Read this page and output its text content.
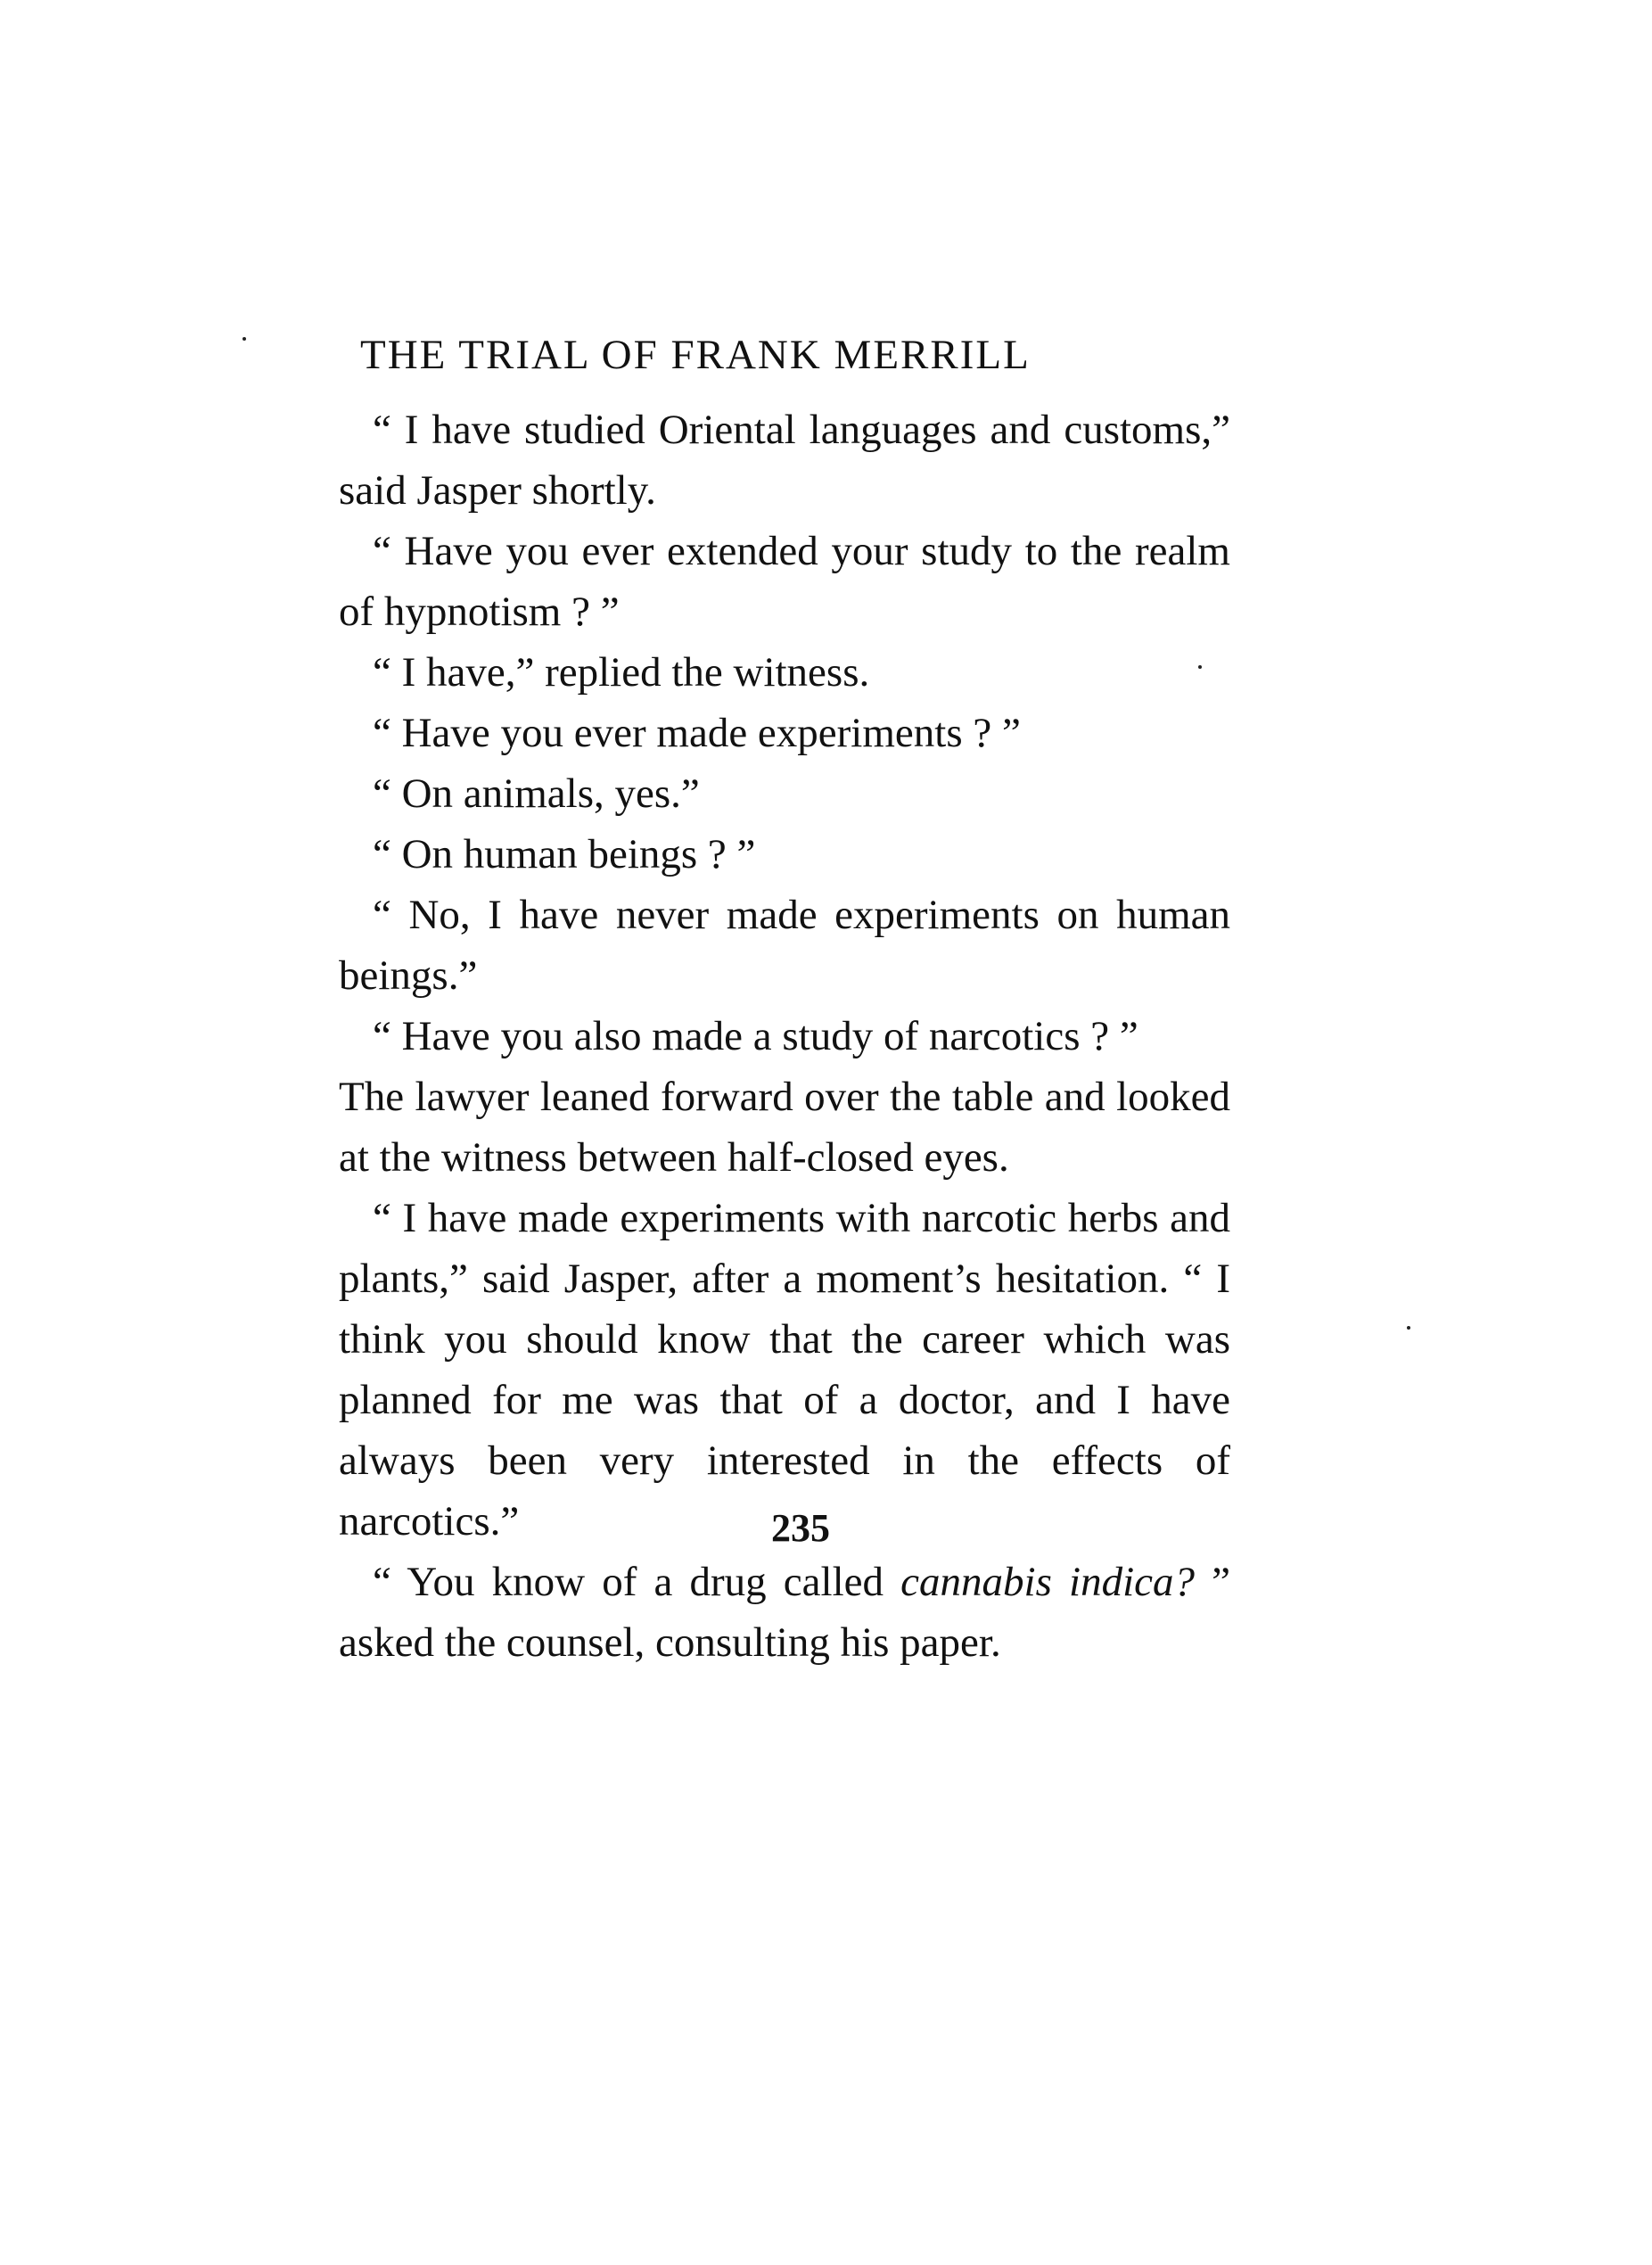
THE TRIAL OF FRANK MERRILL

“ I have studied Oriental languages and customs,” said Jasper shortly.

“ Have you ever extended your study to the realm of hypnotism ? ”

“ I have,” replied the witness.

“ Have you ever made experiments ? ”

“ On animals, yes.”

“ On human beings ? ”

“ No, I have never made experiments on human beings.”

“ Have you also made a study of narcotics ? ”

The lawyer leaned forward over the table and looked at the witness between half-closed eyes.

“ I have made experiments with narcotic herbs and plants,” said Jasper, after a moment’s hesitation. “ I think you should know that the career which was planned for me was that of a doctor, and I have always been very interested in the effects of narcotics.”

“ You know of a drug called cannabis indica? ” asked the counsel, consulting his paper.

235
